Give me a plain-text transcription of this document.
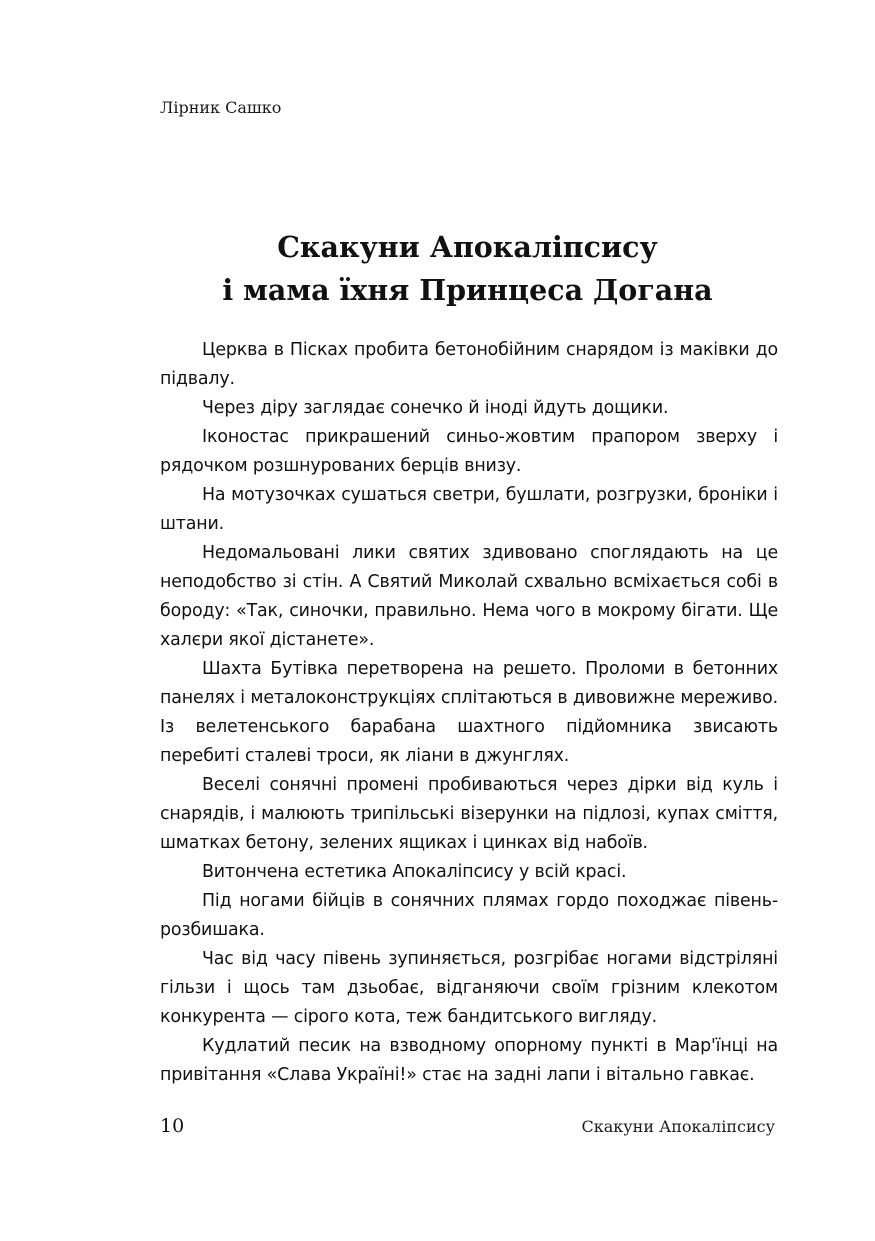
Лірник Сашко
Скакуни Апокаліпсису
і мама їхня Принцеса Догана

Церква в Пісках пробита бетонобійним снарядом із маківки до підвалу.

Через діру заглядає сонечко й іноді йдуть дощики.

Іконостас прикрашений синьо-жовтим прапором зверху і рядочком розшнурованих берців внизу.

На мотузочках сушаться светри, бушлати, розгрузки, броніки і штани.

Недомальовані лики святих здивовано споглядають на це неподобство зі стін. А Святий Миколай схвально всміхається собі в бороду: «Так, синочки, правильно. Нема чого в мокрому бігати. Ще халєри якої дістанете».

Шахта Бутівка перетворена на решето. Проломи в бетонних панелях і металоконструкціях сплітаються в дивовижне мереживо. Із велетенського барабана шахтного підйомника звисають перебиті сталеві троси, як ліани в джунглях.

Веселі сонячні промені пробиваються через дірки від куль і снарядів, і малюють трипільські візерунки на підлозі, купах сміття, шматках бетону, зелених ящиках і цинках від набоїв.

Витончена естетика Апокаліпсису у всій красі.

Під ногами бійців в сонячних плямах гордо походжає півень-розбишака.

Час від часу півень зупиняється, розгрібає ногами відстріляні гільзи і щось там дзьобає, відганяючи своїм грізним клекотом конкурента — сірого кота, теж бандитського вигляду.

Кудлатий песик на взводному опорному пункті в Мар'їнці на привітання «Слава Україні!» стає на задні лапи і вітально гавкає.

10	Скакуни Апокаліпсису
